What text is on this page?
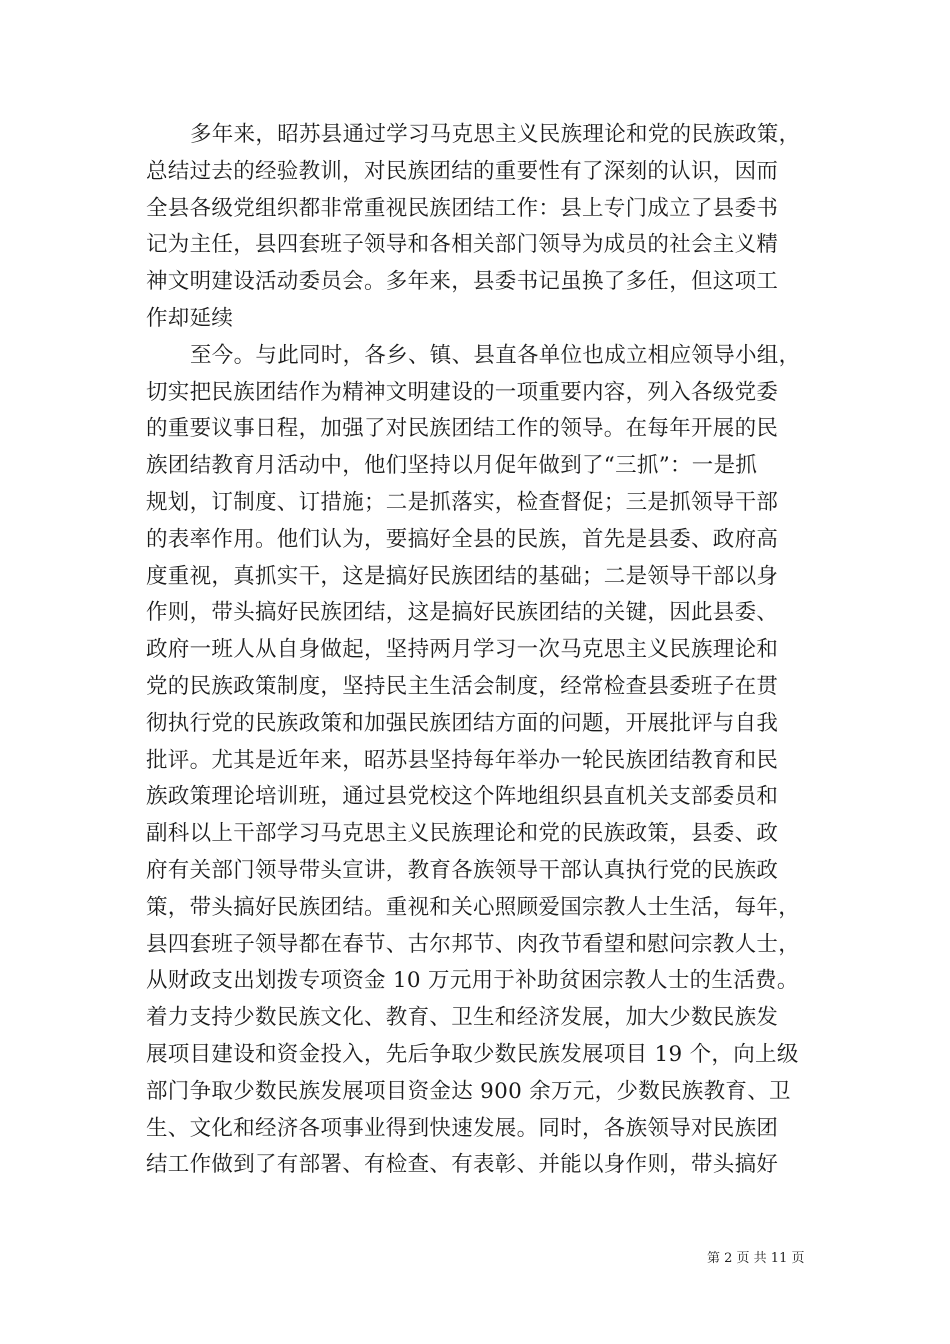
多年来，昭苏县通过学习马克思主义民族理论和党的民族政策，
总结过去的经验教训，对民族团结的重要性有了深刻的认识，因而
全县各级党组织都非常重视民族团结工作：县上专门成立了县委书
记为主任，县四套班子领导和各相关部门领导为成员的社会主义精
神文明建设活动委员会。多年来，县委书记虽换了多任，但这项工
作却延续
至今。与此同时，各乡、镇、县直各单位也成立相应领导小组，
切实把民族团结作为精神文明建设的一项重要内容，列入各级党委
的重要议事日程，加强了对民族团结工作的领导。在每年开展的民
族团结教育月活动中，他们坚持以月促年做到了“三抓”：一是抓
规划，订制度、订措施；二是抓落实，检查督促；三是抓领导干部
的表率作用。他们认为，要搞好全县的民族，首先是县委、政府高
度重视，真抓实干，这是搞好民族团结的基础；二是领导干部以身
作则，带头搞好民族团结，这是搞好民族团结的关键，因此县委、
政府一班人从自身做起，坚持两月学习一次马克思主义民族理论和
党的民族政策制度，坚持民主生活会制度，经常检查县委班子在贯
彻执行党的民族政策和加强民族团结方面的问题，开展批评与自我
批评。尤其是近年来，昭苏县坚持每年举办一轮民族团结教育和民
族政策理论培训班，通过县党校这个阵地组织县直机关支部委员和
副科以上干部学习马克思主义民族理论和党的民族政策，县委、政
府有关部门领导带头宣讲，教育各族领导干部认真执行党的民族政
策，带头搞好民族团结。重视和关心照顾爱国宗教人士生活，每年，
县四套班子领导都在春节、古尔邦节、肉孜节看望和慰问宗教人士，
从财政支出划拨专项资金 10 万元用于补助贫困宗教人士的生活费。
着力支持少数民族文化、教育、卫生和经济发展，加大少数民族发
展项目建设和资金投入，先后争取少数民族发展项目 19 个，向上级
部门争取少数民族发展项目资金达 900 余万元，少数民族教育、卫
生、文化和经济各项事业得到快速发展。同时，各族领导对民族团
结工作做到了有部署、有检查、有表彰、并能以身作则，带头搞好
第 2 页 共 11 页
